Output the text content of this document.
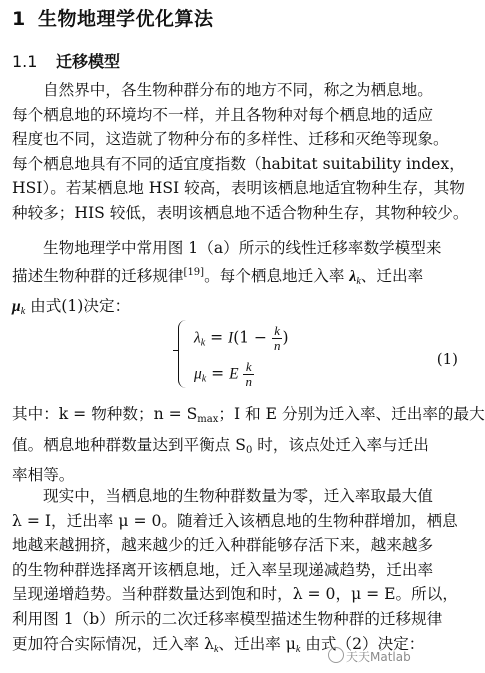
1 生物地理学优化算法
1.1 迁移模型

自然界中，各生物种群分布的地方不同，称之为栖息地。
每个栖息地的环境均不一样，并且各物种对每个栖息地的适应
程度也不同，这造就了物种分布的多样性、迁移和灭绝等现象。
每个栖息地具有不同的适宜度指数（habitat suitability index，
HSI）。若某栖息地 HSI 较高，表明该栖息地适宜物种生存，其物
种较多；HIS 较低，表明该栖息地不适合物种生存，其物种较少。

生物地理学中常用图 1（a）所示的线性迁移率数学模型来
描述生物种群的迁移规律[19]。每个栖息地迁入率 $\lambda_k$、迁出率
$\mu_k$ 由式(1)决定：

$\lambda_k = I(1 - \frac{k}{n}$ )
$\mu_k = E \frac{k}{n}$
(1)

其中：k = 物种数；$n = S_{max}$；I 和 E 分别为迁入率、迁出率的最大
值。栖息地种群数量达到平衡点 $S_0$ 时，该点处迁入率与迁出
率相等。

现实中，当栖息地的生物种群数量为零，迁入率取最大值
λ = I，迁出率 μ = 0。随着迁入该栖息地的生物种群增加，栖息
地越来越拥挤，越来越少的迁入种群能够存活下来，越来越多
的生物种群选择离开该栖息地，迁入率呈现递减趋势，迁出率
呈现递增趋势。当种群数量达到饱和时，λ = 0，μ = E。所以，
利用图 1（b）所示的二次迁移率模型描述生物种群的迁移规律
更加符合实际情况，迁入率 $\lambda_k$、迁出率 $\mu_k$ 由式（2）决定：

天天Matlab
